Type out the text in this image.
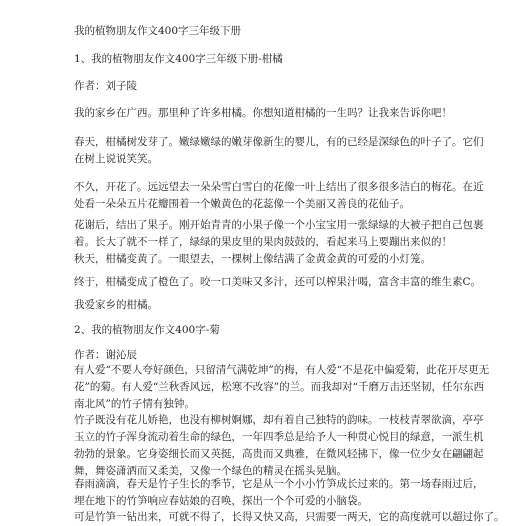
我的植物朋友作文400字三年级下册

1、我的植物朋友作文400字三年级下册-柑橘

作者：刘子陵

我的家乡在广西。那里种了许多柑橘。你想知道柑橘的一生吗？让我来告诉你吧！

春天，柑橘树发芽了。嫩绿嫩绿的嫩芽像新生的婴儿，有的已经是深绿色的叶子了。它们
在树上说说笑笑。
不久，开花了。远远望去一朵朵雪白雪白的花像一叶上结出了很多很多洁白的梅花。在近
处看一朵朵五片花瓣围着一个嫩黄色的花蕊像一个美丽又善良的花仙子。
花谢后，结出了果子。刚开始青青的小果子像一个小宝宝用一张绿绿的大被子把自己包裹
着。长大了就不一样了，绿绿的果皮里的果肉鼓鼓的，看起来马上要蹦出来似的！

秋天，柑橘变黄了。一眼望去，一棵树上像结满了金黄金黄的可爱的小灯笼。

终于，柑橘变成了橙色了。咬一口美味又多汁，还可以榨果汁喝，富含丰富的维生素C。

我爱家乡的柑橘。

2、我的植物朋友作文400字-菊

作者：谢沁辰

有人爱“不要人夸好颜色，只留清气满乾坤”的梅，有人爱“不是花中偏爱菊，此花开尽更无
花”的菊。有人爱“兰秋香风远，松寒不改容”的兰。而我却对“千磨万击还坚韧，任尔东西
南北风”的竹子情有独钟。
竹子既没有花儿娇艳，也没有柳树婀娜，却有着自己独特的韵味。一枝枝青翠欲滴，亭亭
玉立的竹子浑身流动着生命的绿色，一年四季总是给予人一种贯心悦目的绿意，一派生机
勃勃的景象。它身姿细长而又英挺，高贵而又典雅，在微风轻拂下，像一位少女在翩翩起
舞，舞姿潇洒而又柔美，又像一个绿色的精灵在摇头晃脑。
春雨滴滴，春天是竹子生长的季节，它是从一个小小竹笋成长过来的。第一场春雨过后，
埋在地下的竹笋响应春姑娘的召唤，探出一个个可爱的小脑袋。
可是竹笋一钻出来，可就不得了，长得又快又高，只需要一两天，它的高度就可以超过你了。
